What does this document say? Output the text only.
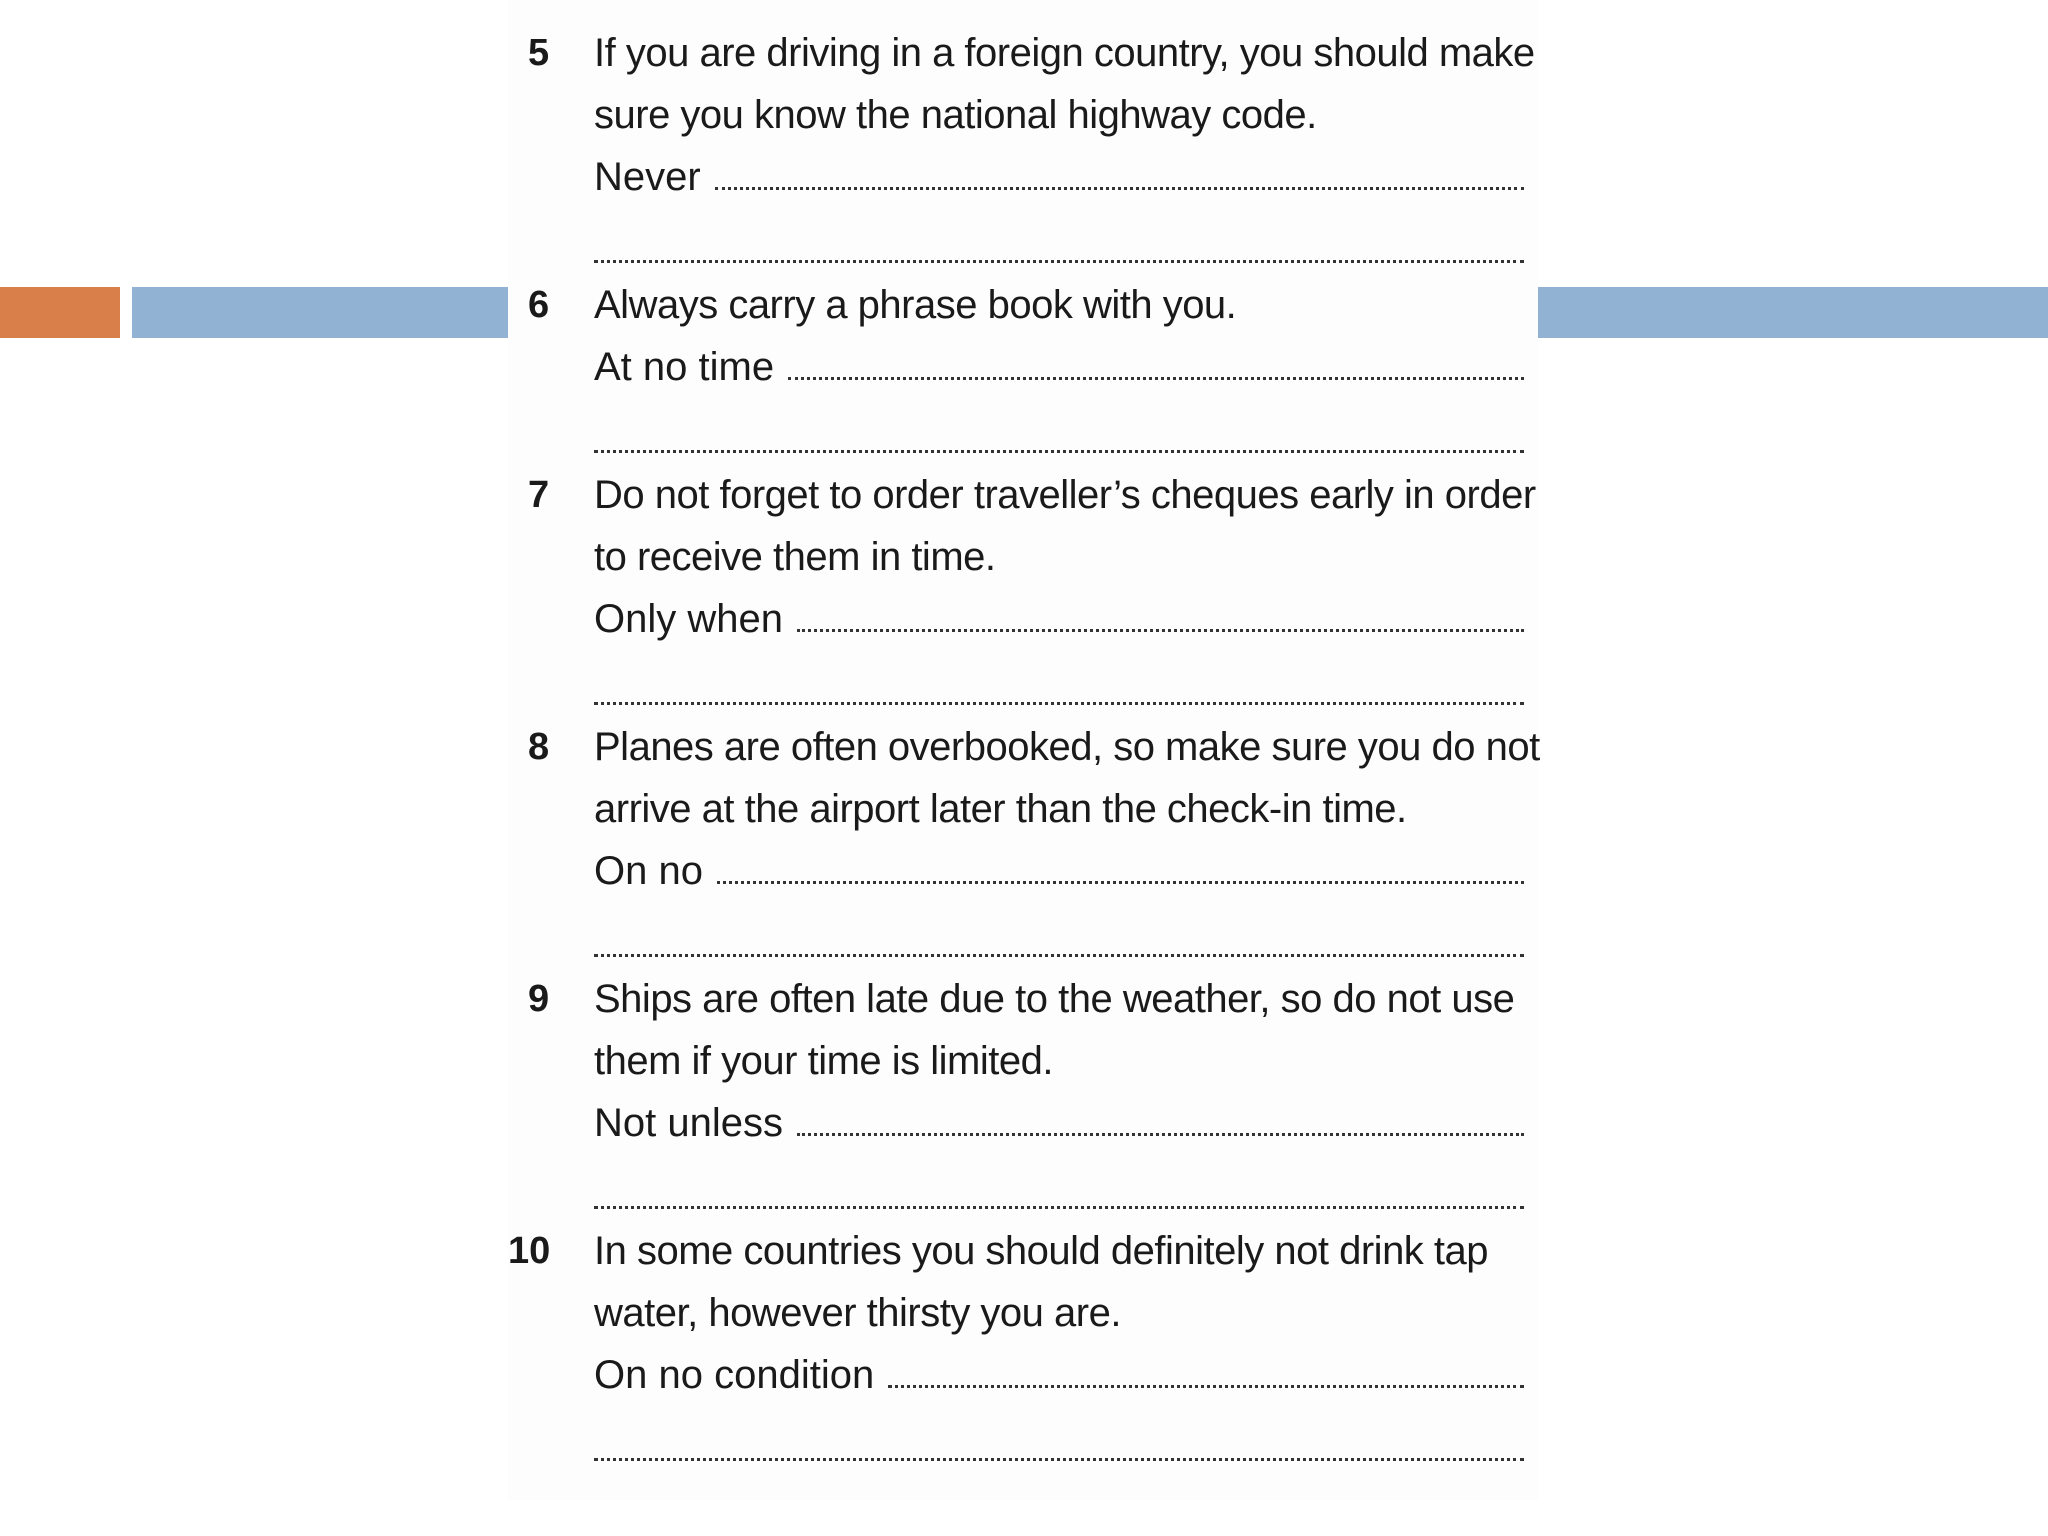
5	If you are driving in a foreign country, you should make
sure you know the national highway code.
Never
6	Always carry a phrase book with you.
At no time
7	Do not forget to order traveller’s cheques early in order
to receive them in time.
Only when
8	Planes are often overbooked, so make sure you do not
arrive at the airport later than the check-in time.
On no
9	Ships are often late due to the weather, so do not use
them if your time is limited.
Not unless
10 In some countries you should definitely not drink tap
water, however thirsty you are.
On no condition
